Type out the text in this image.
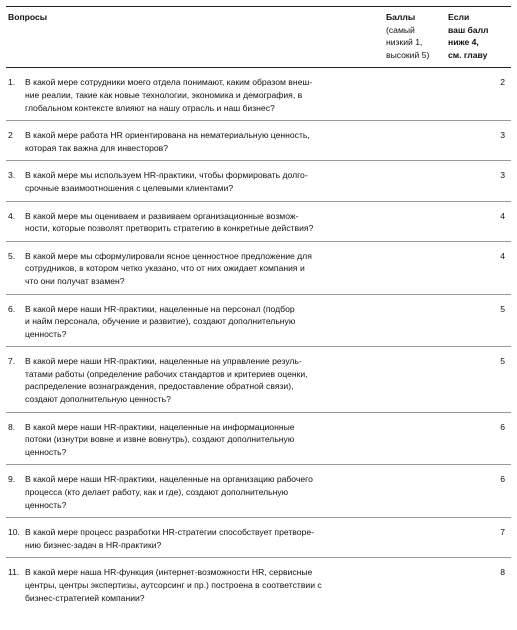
Вопросы	Баллы
(самый
низкий 1,
высокий 5)	Если
ваш балл
ниже 4,
см. главу

1. В какой мере сотрудники моего отдела понимают, каким образом внеш-
ние реалии, такие как новые технологии, экономика и демография, в
глобальном контексте влияют на нашу отрасль и наш бизнес?		2

2 В какой мере работа HR ориентирована на нематериальную ценность,
которая так важна для инвесторов?		3

3. В какой мере мы используем HR-практики, чтобы формировать долго-
срочные взаимоотношения с целевыми клиентами?		3

4. В какой мере мы оцениваем и развиваем организационные возмож-
ности, которые позволят претворить стратегию в конкретные действия?		4

5. В какой мере мы сформулировали ясное ценностное предложение для
сотрудников, в котором четко указано, что от них ожидает компания и
что они получат взамен?		4

6. В какой мере наши HR-практики, нацеленные на персонал (подбор
и найм персонала, обучение и развитие), создают дополнительную
ценность?		5

7. В какой мере наши HR-практики, нацеленные на управление резуль-
татами работы (определение рабочих стандартов и критериев оценки,
распределение вознаграждения, предоставление обратной связи),
создают дополнительную ценность?		5

8. В какой мере наши HR-практики, нацеленные на информационные
потоки (изнутри вовне и извне вовнутрь), создают дополнительную
ценность?		6

9. В какой мере наши HR-практики, нацеленные на организацию рабочего
процесса (кто делает работу, как и где), создают дополнительную
ценность?		6

10. В какой мере процесс разработки HR-стратегии способствует претворе-
нию бизнес-задач в HR-практики?		7

11. В какой мере наша HR-функция (интернет-возможности HR, сервисные
центры, центры экспертизы, аутсорсинг и пр.) построена в соответствии с
бизнес-стратегией компании?		8
